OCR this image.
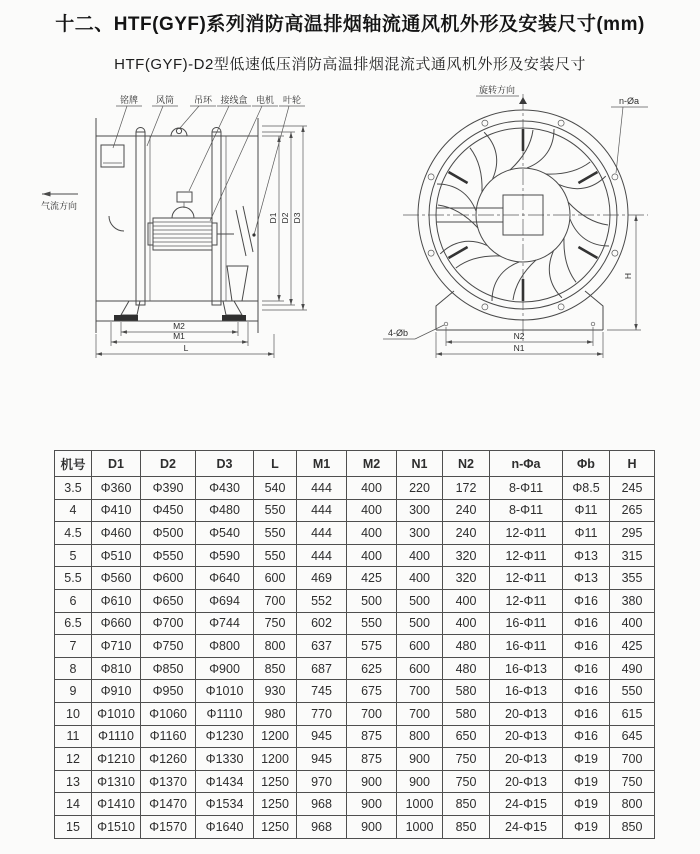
十二、HTF(GYF)系列消防高温排烟轴流通风机外形及安装尺寸(mm)
HTF(GYF)-D2型低速低压消防高温排烟混流式通风机外形及安装尺寸
铭牌 风筒 吊环 接线盒 电机 叶轮
气流方向
D1 D2 D3
M2
M1
L
旋转方向
n-Øa
4-Øb
H
N2
N1
机号	D1	D2	D3	L	M1	M2	N1	N2	n-Φa	Φb	H
3.5	Φ360	Φ390	Φ430	540	444	400	220	172	8-Φ11	Φ8.5	245
4	Φ410	Φ450	Φ480	550	444	400	300	240	8-Φ11	Φ11	265
4.5	Φ460	Φ500	Φ540	550	444	400	300	240	12-Φ11	Φ11	295
5	Φ510	Φ550	Φ590	550	444	400	400	320	12-Φ11	Φ13	315
5.5	Φ560	Φ600	Φ640	600	469	425	400	320	12-Φ11	Φ13	355
6	Φ610	Φ650	Φ694	700	552	500	500	400	12-Φ11	Φ16	380
6.5	Φ660	Φ700	Φ744	750	602	550	500	400	16-Φ11	Φ16	400
7	Φ710	Φ750	Φ800	800	637	575	600	480	16-Φ11	Φ16	425
8	Φ810	Φ850	Φ900	850	687	625	600	480	16-Φ13	Φ16	490
9	Φ910	Φ950	Φ1010	930	745	675	700	580	16-Φ13	Φ16	550
10	Φ1010	Φ1060	Φ1110	980	770	700	700	580	20-Φ13	Φ16	615
11	Φ1110	Φ1160	Φ1230	1200	945	875	800	650	20-Φ13	Φ16	645
12	Φ1210	Φ1260	Φ1330	1200	945	875	900	750	20-Φ13	Φ19	700
13	Φ1310	Φ1370	Φ1434	1250	970	900	900	750	20-Φ13	Φ19	750
14	Φ1410	Φ1470	Φ1534	1250	968	900	1000	850	24-Φ15	Φ19	800
15	Φ1510	Φ1570	Φ1640	1250	968	900	1000	850	24-Φ15	Φ19	850
